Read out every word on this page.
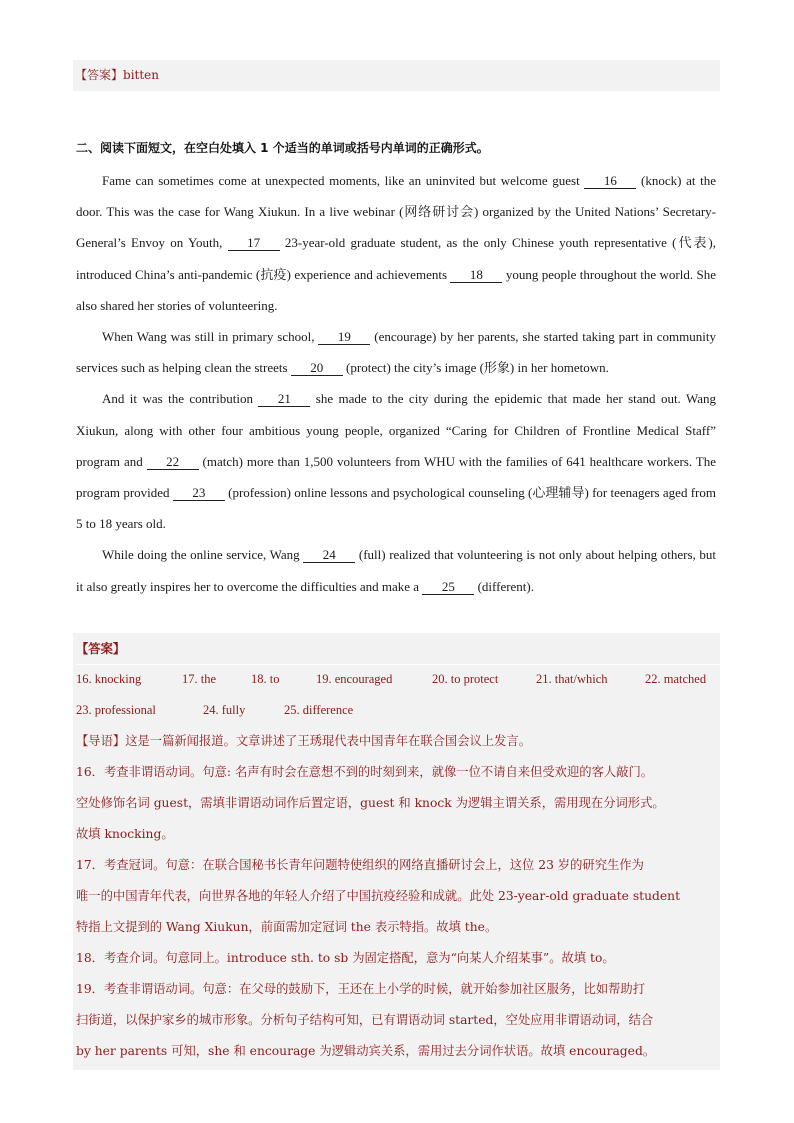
【答案】bitten
二、阅读下面短文，在空白处填入 1 个适当的单词或括号内单词的正确形式。

Fame can sometimes come at unexpected moments, like an uninvited but welcome guest 16 (knock) at the door. This was the case for Wang Xiukun. In a live webinar (网络研讨会) organized by the United Nations’ Secretary-General’s Envoy on Youth, 17 23-year-old graduate student, as the only Chinese youth representative (代表), introduced China’s anti-pandemic (抗疫) experience and achievements 18 young people throughout the world. She also shared her stories of volunteering.

When Wang was still in primary school, 19 (encourage) by her parents, she started taking part in community services such as helping clean the streets 20 (protect) the city’s image (形象) in her hometown.

And it was the contribution 21 she made to the city during the epidemic that made her stand out. Wang Xiukun, along with other four ambitious young people, organized “Caring for Children of Frontline Medical Staff” program and 22 (match) more than 1,500 volunteers from WHU with the families of 641 healthcare workers. The program provided 23 (profession) online lessons and psychological counseling (心理辅导) for teenagers aged from 5 to 18 years old.

While doing the online service, Wang 24 (full) realized that volunteering is not only about helping others, but it also greatly inspires her to overcome the difficulties and make a 25 (different).

【答案】
16. knocking	17. the	18. to	19. encouraged	20. to protect	21. that/which	22. matched
23. professional	24. fully	25. difference
【导语】这是一篇新闻报道。文章讲述了王琇琨代表中国青年在联合国会议上发言。
16．考查非谓语动词。句意: 名声有时会在意想不到的时刻到来，就像一位不请自来但受欢迎的客人敲门。
空处修饰名词 guest，需填非谓语动词作后置定语，guest 和 knock 为逻辑主谓关系，需用现在分词形式。
故填 knocking。
17．考查冠词。句意：在联合国秘书长青年问题特使组织的网络直播研讨会上，这位 23 岁的研究生作为
唯一的中国青年代表，向世界各地的年轻人介绍了中国抗疫经验和成就。此处 23-year-old graduate student
特指上文提到的 Wang Xiukun，前面需加定冠词 the 表示特指。故填 the。
18．考查介词。句意同上。introduce sth. to sb 为固定搭配，意为“向某人介绍某事”。故填 to。
19．考查非谓语动词。句意：在父母的鼓励下，王还在上小学的时候，就开始参加社区服务，比如帮助打
扫街道，以保护家乡的城市形象。分析句子结构可知，已有谓语动词 started，空处应用非谓语动词，结合
by her parents 可知，she 和 encourage 为逻辑动宾关系，需用过去分词作状语。故填 encouraged。
